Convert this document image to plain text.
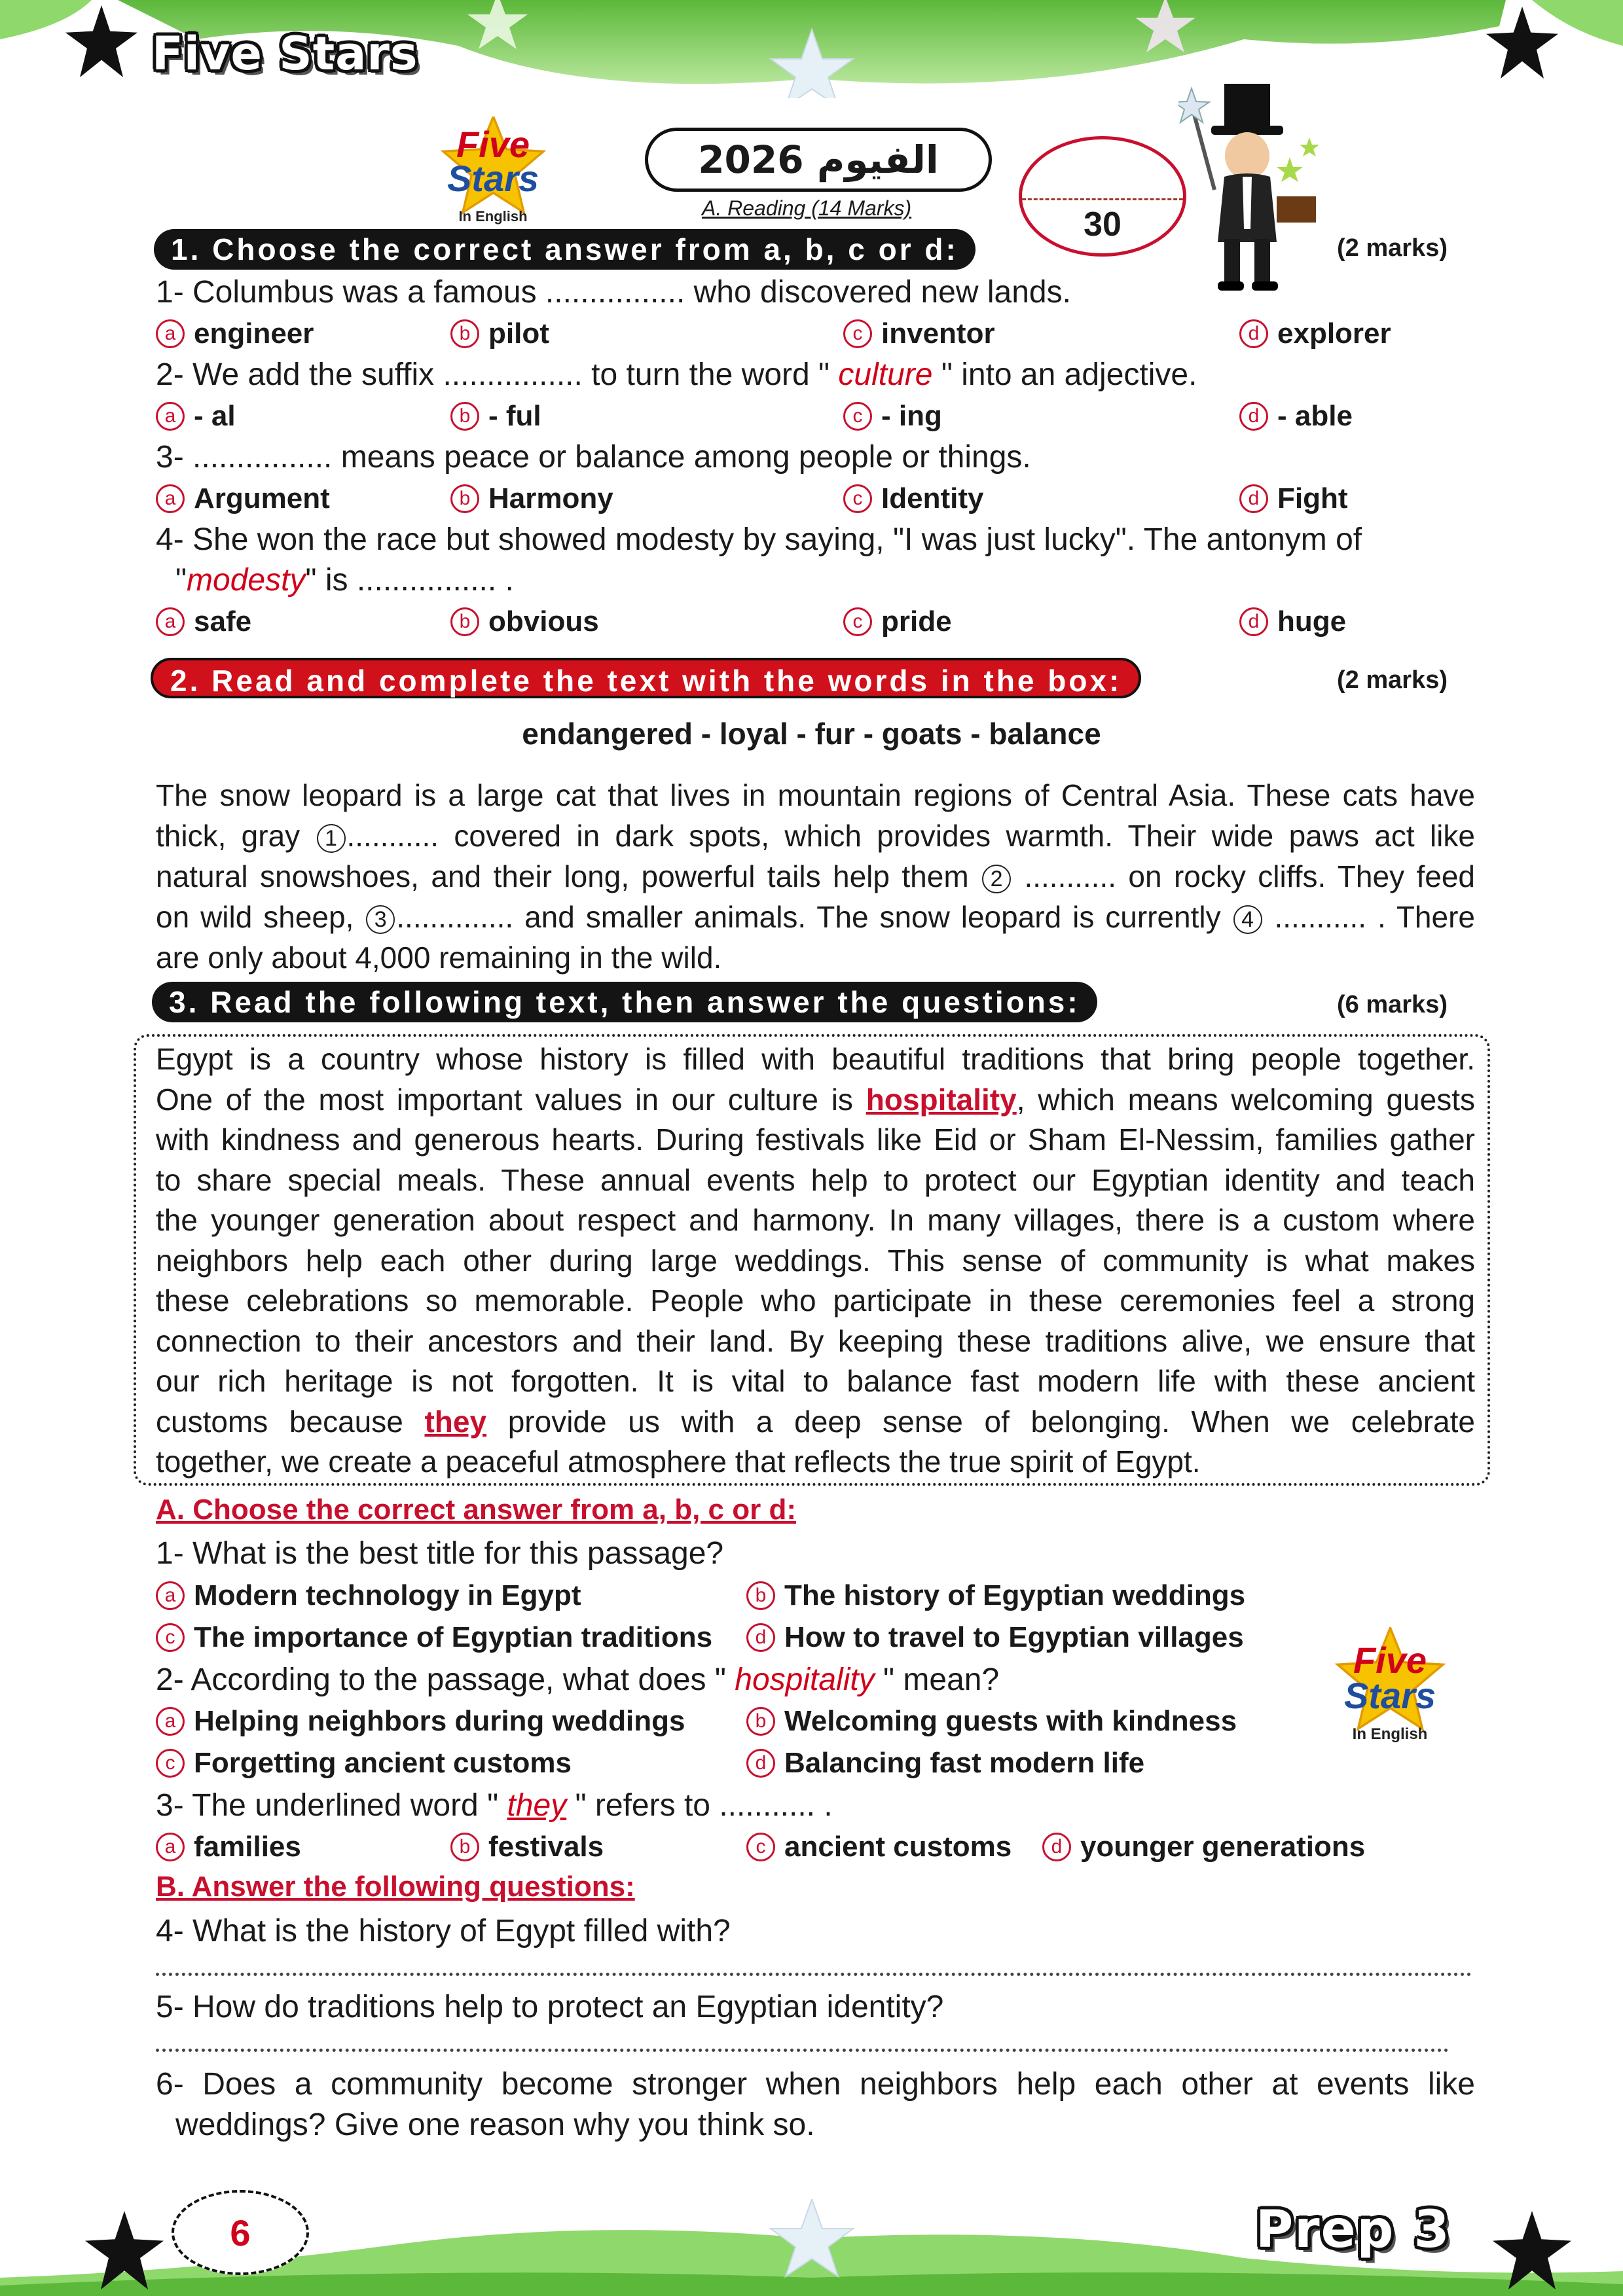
Five Stars
Five
Stars
In English
الفيوم 2026
A. Reading (14 Marks)	30
1. Choose the correct answer from a, b, c or d:	(2 marks)
1- Columbus was a famous ................ who discovered new lands.
a engineer	b pilot	c inventor	d explorer
2- We add the suffix ................ to turn the word " culture " into an adjective.
a - al	b - ful	c - ing	d - able
3- ................ means peace or balance among people or things.
a Argument	b Harmony	c Identity	d Fight
4- She won the race but showed modesty by saying, "I was just lucky". The antonym of
"modesty" is ................ .
a safe	b obvious	c pride	d huge
2. Read and complete the text with the words in the box:	(2 marks)
endangered - loyal - fur - goats - balance
The snow leopard is a large cat that lives in mountain regions of Central Asia. These cats have
thick, gray 1 ........... covered in dark spots, which provides warmth. Their wide paws act like
natural snowshoes, and their long, powerful tails help them 2 ........... on rocky cliffs. They feed
on wild sheep, 3 .............. and smaller animals. The snow leopard is currently 4 ........... . There
are only about 4,000 remaining in the wild.
3. Read the following text, then answer the questions:	(6 marks)
Egypt is a country whose history is filled with beautiful traditions that bring people together.
One of the most important values in our culture is hospitality, which means welcoming guests
with kindness and generous hearts. During festivals like Eid or Sham El-Nessim, families gather
to share special meals. These annual events help to protect our Egyptian identity and teach
the younger generation about respect and harmony. In many villages, there is a custom where
neighbors help each other during large weddings. This sense of community is what makes
these celebrations so memorable. People who participate in these ceremonies feel a strong
connection to their ancestors and their land. By keeping these traditions alive, we ensure that
our rich heritage is not forgotten. It is vital to balance fast modern life with these ancient
customs because they provide us with a deep sense of belonging. When we celebrate
together, we create a peaceful atmosphere that reflects the true spirit of Egypt.
A. Choose the correct answer from a, b, c or d:
1- What is the best title for this passage?
a Modern technology in Egypt	b The history of Egyptian weddings
c The importance of Egyptian traditions	d How to travel to Egyptian villages
2- According to the passage, what does " hospitality " mean?
a Helping neighbors during weddings	b Welcoming guests with kindness
c Forgetting ancient customs	d Balancing fast modern life
3- The underlined word " they " refers to ........... .
a families	b festivals	c ancient customs	d younger generations
Five
Stars
In English
B. Answer the following questions:
4- What is the history of Egypt filled with?
5- How do traditions help to protect an Egyptian identity?
6- Does a community become stronger when neighbors help each other at events like
weddings? Give one reason why you think so.
6	Prep 3
